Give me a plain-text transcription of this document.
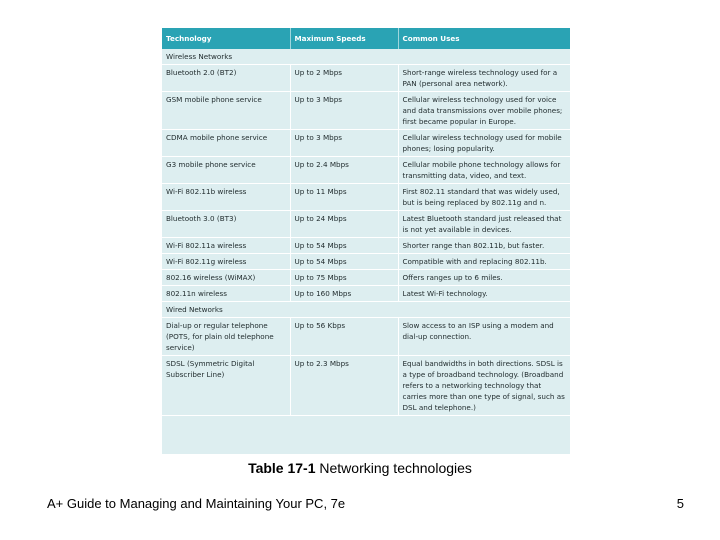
Technology	Maximum Speeds	Common Uses
Wireless Networks		
Bluetooth 2.0 (BT2)	Up to 2 Mbps	Short-range wireless technology used for a PAN (personal area network).
GSM mobile phone service	Up to 3 Mbps	Cellular wireless technology used for voice and data transmissions over mobile phones; first became popular in Europe.
CDMA mobile phone service	Up to 3 Mbps	Cellular wireless technology used for mobile phones; losing popularity.
G3 mobile phone service	Up to 2.4 Mbps	Cellular mobile phone technology allows for transmitting data, video, and text.
Wi-Fi 802.11b wireless	Up to 11 Mbps	First 802.11 standard that was widely used, but is being replaced by 802.11g and n.
Bluetooth 3.0 (BT3)	Up to 24 Mbps	Latest Bluetooth standard just released that is not yet available in devices.
Wi-Fi 802.11a wireless	Up to 54 Mbps	Shorter range than 802.11b, but faster.
Wi-Fi 802.11g wireless	Up to 54 Mbps	Compatible with and replacing 802.11b.
802.16 wireless (WiMAX)	Up to 75 Mbps	Offers ranges up to 6 miles.
802.11n wireless	Up to 160 Mbps	Latest Wi-Fi technology.
Wired Networks		
Dial-up or regular telephone (POTS, for plain old telephone service)	Up to 56 Kbps	Slow access to an ISP using a modem and dial-up connection.
SDSL (Symmetric Digital Subscriber Line)	Up to 2.3 Mbps	Equal bandwidths in both directions. SDSL is a type of broadband technology. (Broadband refers to a networking technology that carries more than one type of signal, such as DSL and telephone.)
Table 17-1 Networking technologies
A+ Guide to Managing and Maintaining Your PC, 7e	5
